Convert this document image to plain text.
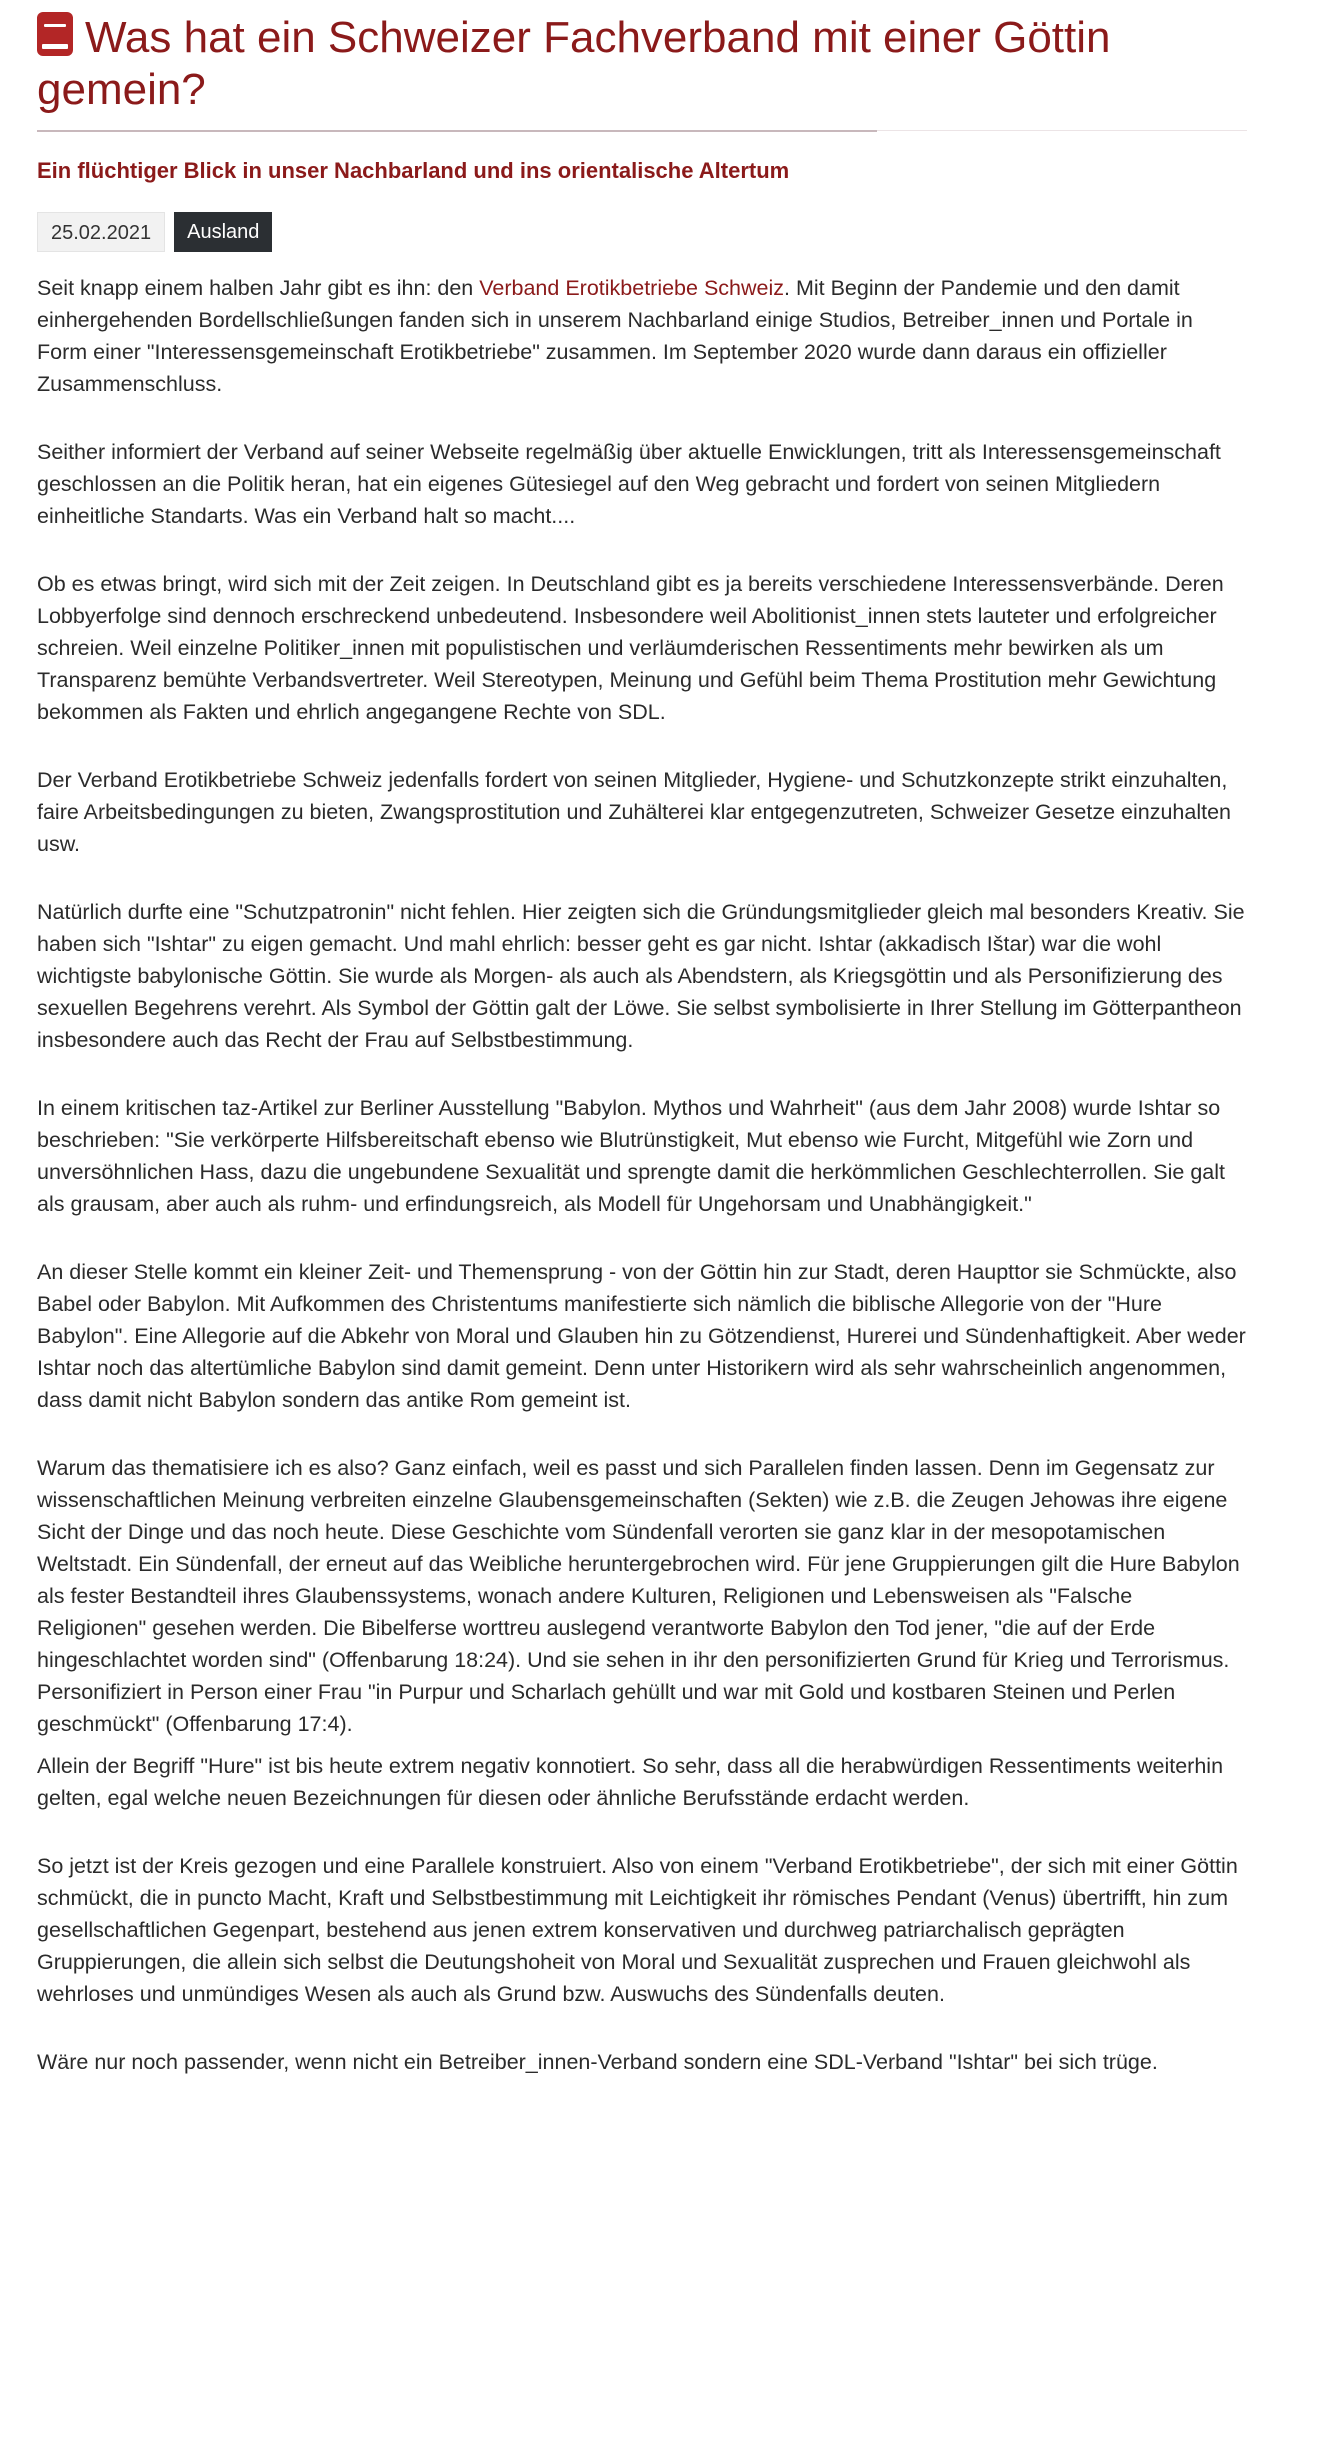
Was hat ein Schweizer Fachverband mit einer Göttin gemein?
Ein flüchtiger Blick in unser Nachbarland und ins orientalische Altertum
25.02.2021	Ausland

Seit knapp einem halben Jahr gibt es ihn: den Verband Erotikbetriebe Schweiz. Mit Beginn der Pandemie und den damit einhergehenden Bordellschließungen fanden sich in unserem Nachbarland einige Studios, Betreiber_innen und Portale in Form einer "Interessensgemeinschaft Erotikbetriebe" zusammen. Im September 2020 wurde dann daraus ein offizieller Zusammenschluss.

Seither informiert der Verband auf seiner Webseite regelmäßig über aktuelle Enwicklungen, tritt als Interessensgemeinschaft geschlossen an die Politik heran, hat ein eigenes Gütesiegel auf den Weg gebracht und fordert von seinen Mitgliedern einheitliche Standarts. Was ein Verband halt so macht....

Ob es etwas bringt, wird sich mit der Zeit zeigen. In Deutschland gibt es ja bereits verschiedene Interessensverbände. Deren Lobbyerfolge sind dennoch erschreckend unbedeutend. Insbesondere weil Abolitionist_innen stets lauteter und erfolgreicher schreien. Weil einzelne Politiker_innen mit populistischen und verläumderischen Ressentiments mehr bewirken als um Transparenz bemühte Verbandsvertreter. Weil Stereotypen, Meinung und Gefühl beim Thema Prostitution mehr Gewichtung bekommen als Fakten und ehrlich angegangene Rechte von SDL.

Der Verband Erotikbetriebe Schweiz jedenfalls fordert von seinen Mitglieder, Hygiene- und Schutzkonzepte strikt einzuhalten, faire Arbeitsbedingungen zu bieten, Zwangsprostitution und Zuhälterei klar entgegenzutreten, Schweizer Gesetze einzuhalten usw.

Natürlich durfte eine "Schutzpatronin" nicht fehlen. Hier zeigten sich die Gründungsmitglieder gleich mal besonders Kreativ. Sie haben sich "Ishtar" zu eigen gemacht. Und mahl ehrlich: besser geht es gar nicht. Ishtar (akkadisch Ištar) war die wohl wichtigste babylonische Göttin. Sie wurde als Morgen- als auch als Abendstern, als Kriegsgöttin und als Personifizierung des sexuellen Begehrens verehrt. Als Symbol der Göttin galt der Löwe. Sie selbst symbolisierte in Ihrer Stellung im Götterpantheon insbesondere auch das Recht der Frau auf Selbstbestimmung.

In einem kritischen taz-Artikel zur Berliner Ausstellung "Babylon. Mythos und Wahrheit" (aus dem Jahr 2008) wurde Ishtar so beschrieben: "Sie verkörperte Hilfsbereitschaft ebenso wie Blutrünstigkeit, Mut ebenso wie Furcht, Mitgefühl wie Zorn und unversöhnlichen Hass, dazu die ungebundene Sexualität und sprengte damit die herkömmlichen Geschlechterrollen. Sie galt als grausam, aber auch als ruhm- und erfindungsreich, als Modell für Ungehorsam und Unabhängigkeit."

An dieser Stelle kommt ein kleiner Zeit- und Themensprung - von der Göttin hin zur Stadt, deren Haupttor sie Schmückte, also Babel oder Babylon. Mit Aufkommen des Christentums manifestierte sich nämlich die biblische Allegorie von der "Hure Babylon". Eine Allegorie auf die Abkehr von Moral und Glauben hin zu Götzendienst, Hurerei und Sündenhaftigkeit. Aber weder Ishtar noch das altertümliche Babylon sind damit gemeint. Denn unter Historikern wird als sehr wahrscheinlich angenommen, dass damit nicht Babylon sondern das antike Rom gemeint ist.

Warum das thematisiere ich es also? Ganz einfach, weil es passt und sich Parallelen finden lassen. Denn im Gegensatz zur wissenschaftlichen Meinung verbreiten einzelne Glaubensgemeinschaften (Sekten) wie z.B. die Zeugen Jehowas ihre eigene Sicht der Dinge und das noch heute. Diese Geschichte vom Sündenfall verorten sie ganz klar in der mesopotamischen Weltstadt. Ein Sündenfall, der erneut auf das Weibliche heruntergebrochen wird. Für jene Gruppierungen gilt die Hure Babylon als fester Bestandteil ihres Glaubenssystems, wonach andere Kulturen, Religionen und Lebensweisen als "Falsche Religionen" gesehen werden. Die Bibelferse worttreu auslegend verantworte Babylon den Tod jener, "die auf der Erde hingeschlachtet worden sind" (Offenbarung 18:24). Und sie sehen in ihr den personifizierten Grund für Krieg und Terrorismus. Personifiziert in Person einer Frau "in Purpur und Scharlach gehüllt und war mit Gold und kostbaren Steinen und Perlen geschmückt" (Offenbarung 17:4).

Allein der Begriff "Hure" ist bis heute extrem negativ konnotiert. So sehr, dass all die herabwürdigen Ressentiments weiterhin gelten, egal welche neuen Bezeichnungen für diesen oder ähnliche Berufsstände erdacht werden.

So jetzt ist der Kreis gezogen und eine Parallele konstruiert. Also von einem "Verband Erotikbetriebe", der sich mit einer Göttin schmückt, die in puncto Macht, Kraft und Selbstbestimmung mit Leichtigkeit ihr römisches Pendant (Venus) übertrifft, hin zum gesellschaftlichen Gegenpart, bestehend aus jenen extrem konservativen und durchweg patriarchalisch geprägten Gruppierungen, die allein sich selbst die Deutungshoheit von Moral und Sexualität zusprechen und Frauen gleichwohl als wehrloses und unmündiges Wesen als auch als Grund bzw. Auswuchs des Sündenfalls deuten.

Wäre nur noch passender, wenn nicht ein Betreiber_innen-Verband sondern eine SDL-Verband "Ishtar" bei sich trüge.
